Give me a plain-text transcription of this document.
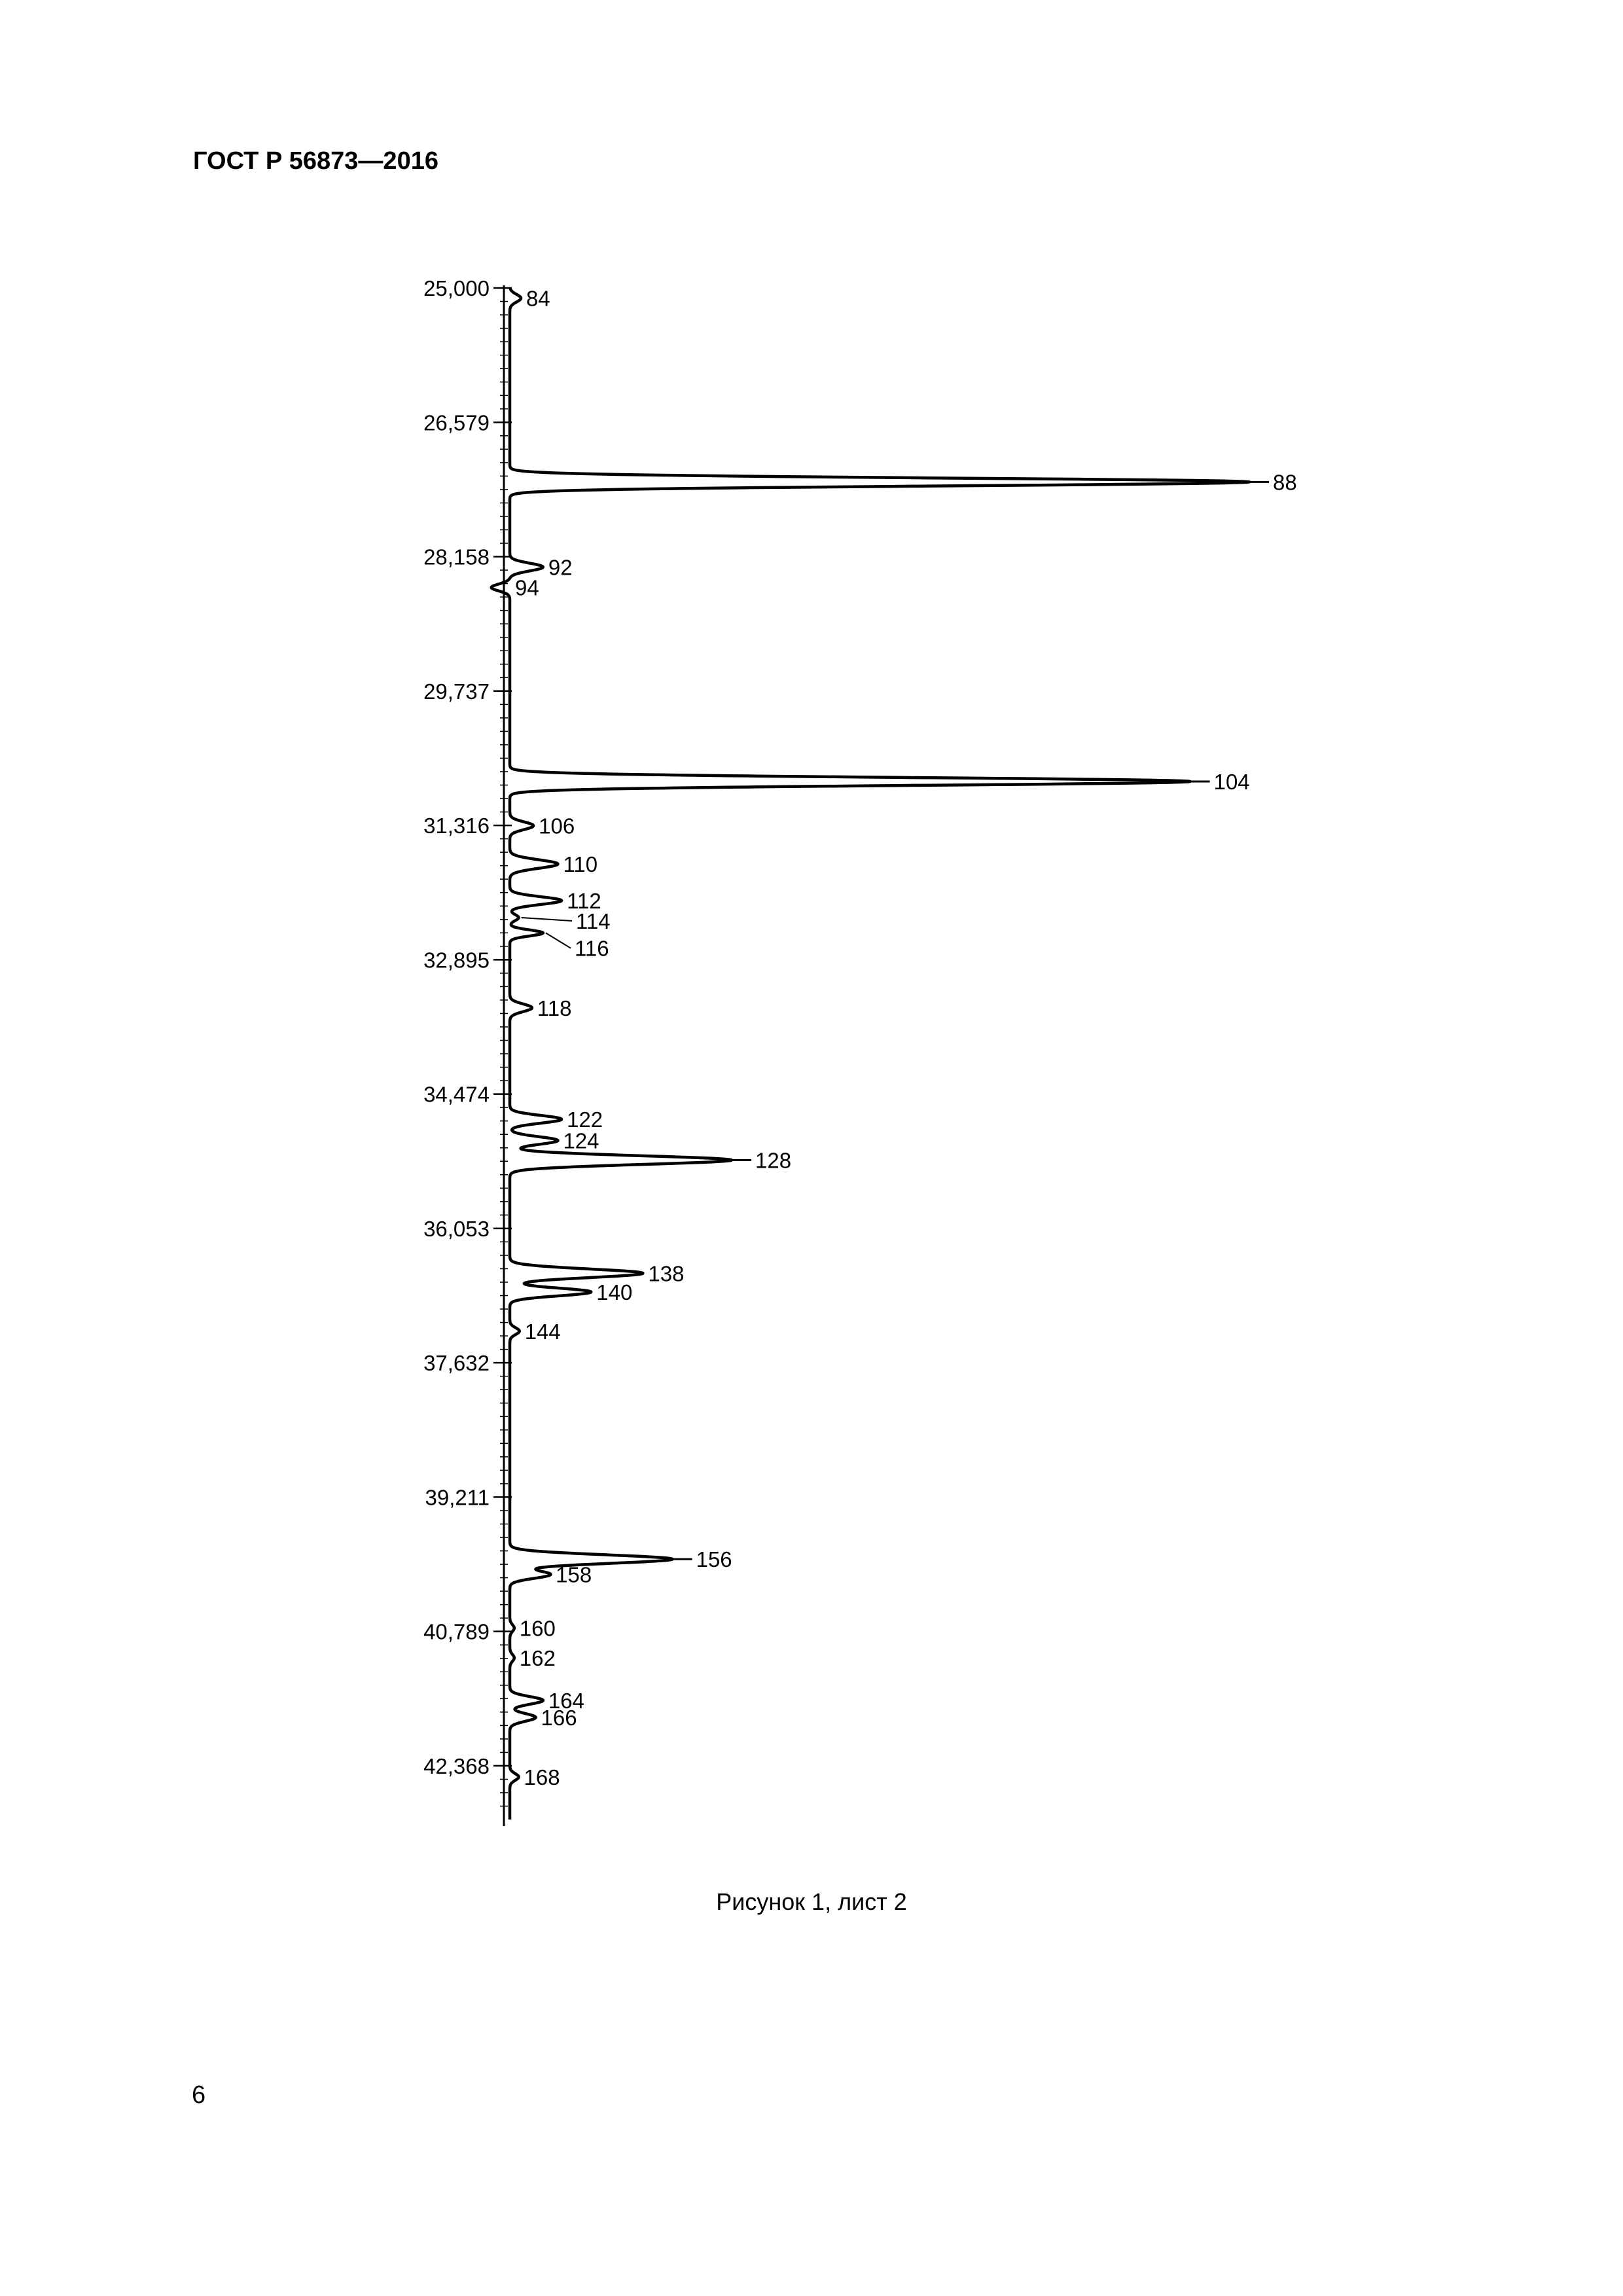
ГОСТ Р 56873—2016
25,000
26,579
28,158
29,737
31,316
32,895
34,474
36,053
37,632
39,211
40,789
42,368
84
88
92
94
104
106
110
112
114
116
118
122
124
128
138
140
144
156
158
160
162
164
166
168
Рисунок 1, лист 2
6
